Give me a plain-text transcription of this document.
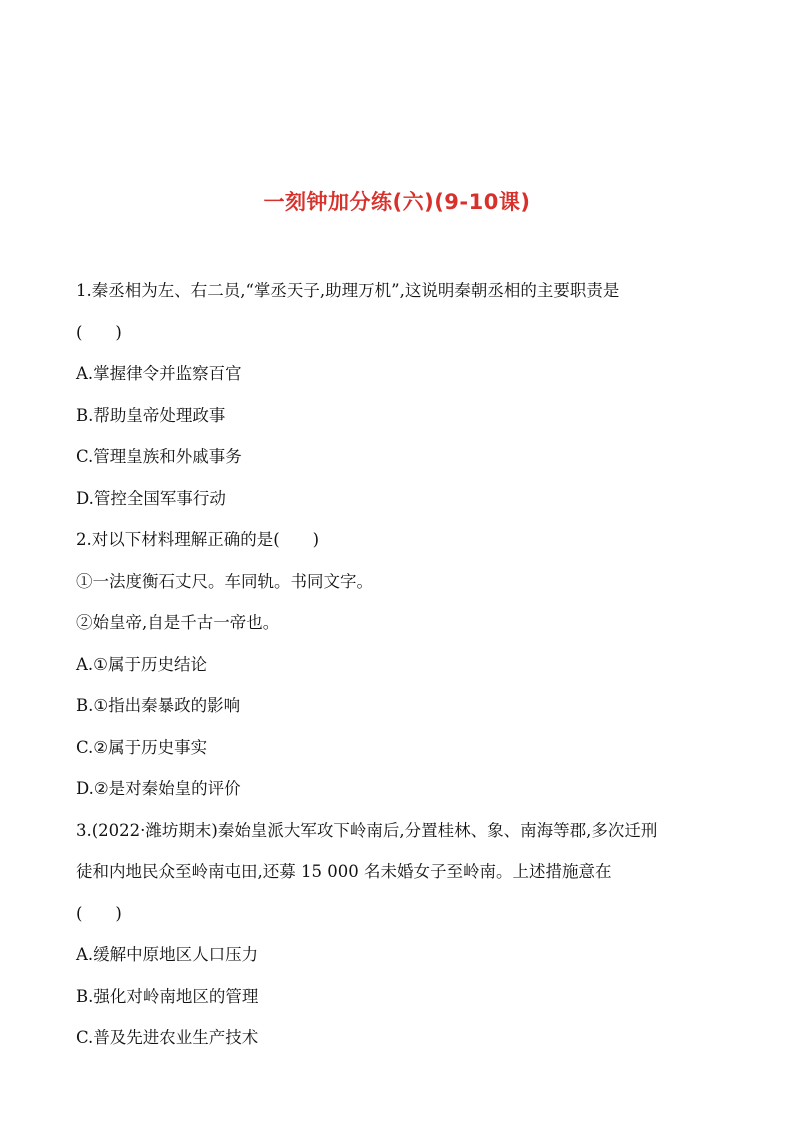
一刻钟加分练(六)(9-10课)

1.秦丞相为左、右二员,“掌丞天子,助理万机”,这说明秦朝丞相的主要职责是

(　　)

A.掌握律令并监察百官

B.帮助皇帝处理政事

C.管理皇族和外戚事务

D.管控全国军事行动

2.对以下材料理解正确的是(　　)

①一法度衡石丈尺。车同轨。书同文字。

②始皇帝,自是千古一帝也。

A.①属于历史结论

B.①指出秦暴政的影响

C.②属于历史事实

D.②是对秦始皇的评价

3.(2022·潍坊期末)秦始皇派大军攻下岭南后,分置桂林、象、南海等郡,多次迁刑

徒和内地民众至岭南屯田,还募 15 000 名未婚女子至岭南。上述措施意在

(　　)

A.缓解中原地区人口压力

B.强化对岭南地区的管理

C.普及先进农业生产技术
